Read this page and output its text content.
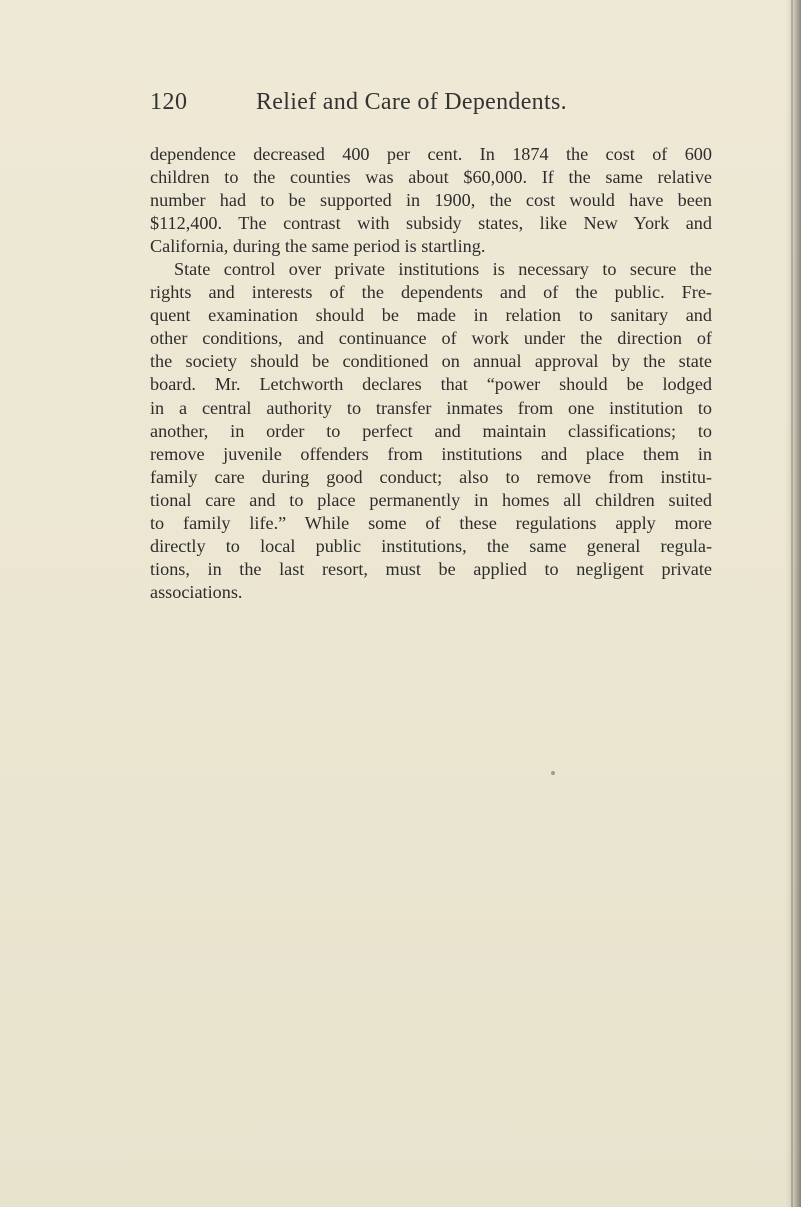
120	Relief and Care of Dependents.
dependence decreased 400 per cent. In 1874 the cost of 600
children to the counties was about $60,000. If the same relative
number had to be supported in 1900, the cost would have been
$112,400. The contrast with subsidy states, like New York and
California, during the same period is startling.
State control over private institutions is necessary to secure the
rights and interests of the dependents and of the public. Fre-
quent examination should be made in relation to sanitary and
other conditions, and continuance of work under the direction of
the society should be conditioned on annual approval by the state
board. Mr. Letchworth declares that “power should be lodged
in a central authority to transfer inmates from one institution to
another, in order to perfect and maintain classifications; to
remove juvenile offenders from institutions and place them in
family care during good conduct; also to remove from institu-
tional care and to place permanently in homes all children suited
to family life.” While some of these regulations apply more
directly to local public institutions, the same general regula-
tions, in the last resort, must be applied to negligent private
associations.
